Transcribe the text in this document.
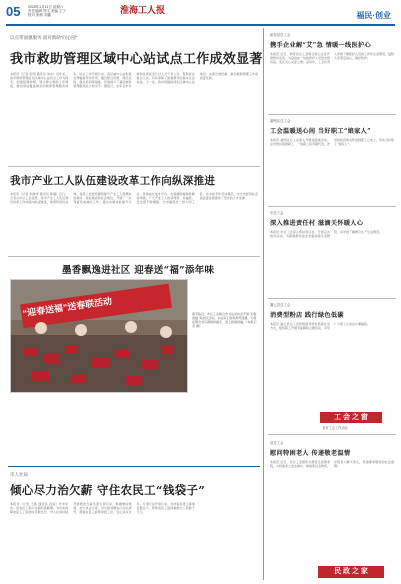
05 2025年1月11日 星期六
责任编辑 郑义 美编 王宁
校对 张帆 刘鑫	淮海工人报	福民·创业
以点带面强服务 面对救助“同心圆”
我市救助管理区域中心站试点工作成效显著
本报讯（记者 张明 通讯员 刘永）近年来，我市救助管理站以区域中心站试点工作为抓手，加强统筹协调，建立健全救助工作网络，推动形成覆盖城乡的救助管理服务体系。试点工作开展以来，各区域中心站积极发挥辐射带动作用，通过整合资源、规范流程、强化培训等措施，有效提升了基层救助管理服务能力和水平。据统计，去年全市共救助各类流浪乞讨人员千余人次，帮助返乡数百人次，切实保障了困难群众的基本生活权益。下一步，我市将继续深化区域中心站建设，完善长效机制，推动救助管理工作高质量发展。
我市产业工人队伍建设改革工作向纵深推进
本报讯（记者 李晓雯 通讯员 陈刚）近日，记者从市总工会获悉，我市产业工人队伍建设改革工作持续向纵深推进，取得阶段性成效。各级工会组织围绕提升产业工人思想政治素质、技能素质和社会地位，开展了一系列富有成效的工作。通过实施技能提升行动、搭建成长成才平台、完善激励保障机制等举措，广大产业工人的获得感、幸福感、安全感不断增强。全市涌现出一批大国工匠、技术能手和劳动模范，为全市经济社会高质量发展提供了坚实的人才支撑。
墨香飘逸进社区 迎春送“福”添年味
“迎春送福”送春联活动	春节临近，市总工会联合市书法家协会开展“迎春送福”进社区活动，书法家们现场挥毫泼墨，为居民群众书写春联和福字，送上新春祝福。（本报记者 摄）
市人社局
倾心尽力治欠薪 守住农民工“钱袋子”
本报讯（记者 王刚 通讯员 孙丽）岁末年初，是农民工集中讨薪的高峰期。为切实保障农民工工资按时足额支付，市人社局持续开展根治欠薪冬季专项行动，畅通维权渠道，加大执法力度，对欠薪问题实行动态清零，确保农民工能够拿到工资、安心返乡过年。专项行动开展以来，共排查在建工程项目数百个，帮助农民工追回被拖欠工资数千万元。
新泰县总工会
携手企业解“艾”急 情暖一线医护心
本报讯 近日，新泰县总工会联合爱心企业开展慰问活动，为奋战在一线的医护人员送去慰问品，表达关心关爱之情。活动中，工会负责人详细了解医护人员的工作和生活情况，鼓励大家坚定信心，做好防护。
湖州区总工会
工会温暖送心间 当好职工“娘家人”
本报讯 湖州区总工会深入开展送温暖活动，走访慰问困难职工、一线职工和劳模代表，把党和政府的关怀送到职工心坎上，切实当好职工“娘家人”。
市总工会
深入推进责任村 滋滴关怀暖人心
本报讯 市总工会深入帮扶责任村，开展走访慰问活动，为困难群众送去米面油等生活物资，并详细了解群众生产生活情况。
灌云县总工会
消费型粉店 践行绿色低碳
本报讯 灌云县总工会积极倡导绿色低碳生活方式，组织职工开展节能降耗主题活动，引导广大职工从身边小事做起。
工 会 之 窗
省市工会工作动态
县总工会
慰问特困老人 传递敬老温情
本报讯 近日，县总工会组织志愿者走进敬老院，为特困老人送去棉衣、棉被等过冬物资，并陪老人聊天谈心，传递尊老敬老的社会温情。
民 政 之 家
